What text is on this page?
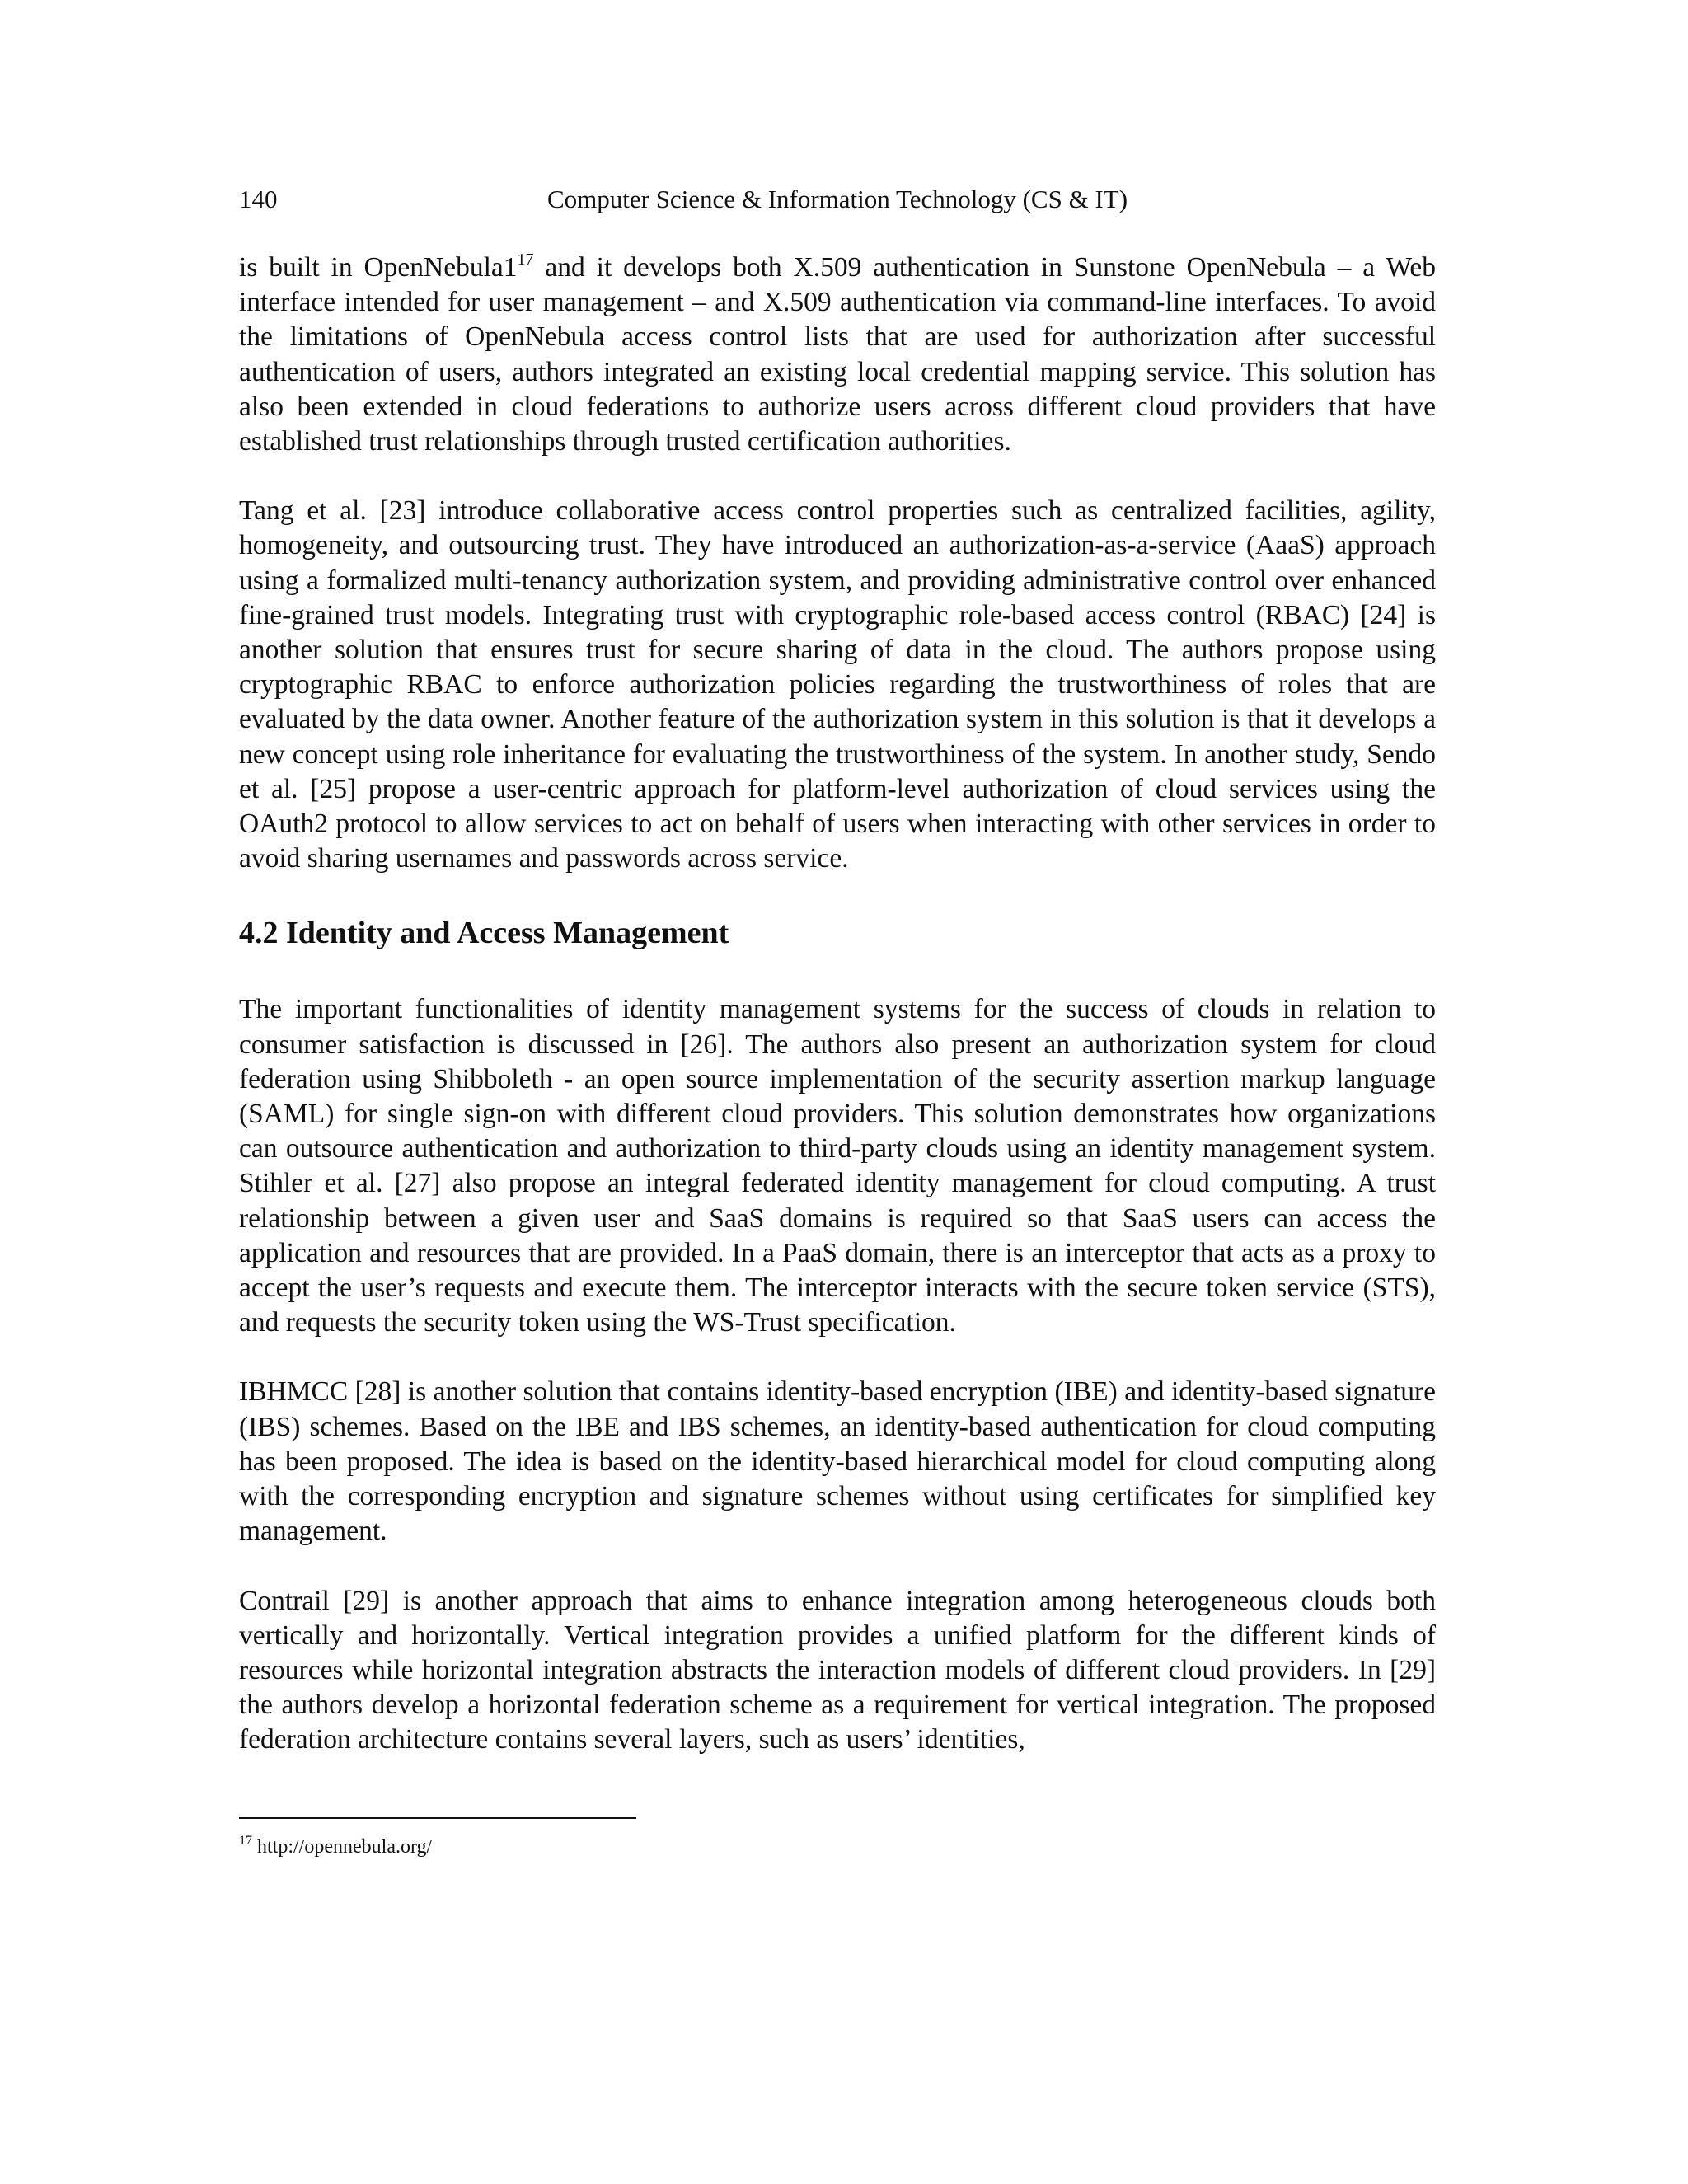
140	Computer Science & Information Technology (CS & IT)

is built in OpenNebula1$^{17}$ and it develops both X.509 authentication in Sunstone OpenNebula – a Web interface intended for user management – and X.509 authentication via command-line interfaces. To avoid the limitations of OpenNebula access control lists that are used for authorization after successful authentication of users, authors integrated an existing local credential mapping service. This solution has also been extended in cloud federations to authorize users across different cloud providers that have established trust relationships through trusted certification authorities.

Tang et al. [23] introduce collaborative access control properties such as centralized facilities, agility, homogeneity, and outsourcing trust. They have introduced an authorization-as-a-service (AaaS) approach using a formalized multi-tenancy authorization system, and providing administrative control over enhanced fine-grained trust models. Integrating trust with cryptographic role-based access control (RBAC) [24] is another solution that ensures trust for secure sharing of data in the cloud. The authors propose using cryptographic RBAC to enforce authorization policies regarding the trustworthiness of roles that are evaluated by the data owner. Another feature of the authorization system in this solution is that it develops a new concept using role inheritance for evaluating the trustworthiness of the system. In another study, Sendo et al. [25] propose a user-centric approach for platform-level authorization of cloud services using the OAuth2 protocol to allow services to act on behalf of users when interacting with other services in order to avoid sharing usernames and passwords across service.

4.2 Identity and Access Management

The important functionalities of identity management systems for the success of clouds in relation to consumer satisfaction is discussed in [26]. The authors also present an authorization system for cloud federation using Shibboleth - an open source implementation of the security assertion markup language (SAML) for single sign-on with different cloud providers. This solution demonstrates how organizations can outsource authentication and authorization to third-party clouds using an identity management system. Stihler et al. [27] also propose an integral federated identity management for cloud computing. A trust relationship between a given user and SaaS domains is required so that SaaS users can access the application and resources that are provided. In a PaaS domain, there is an interceptor that acts as a proxy to accept the user’s requests and execute them. The interceptor interacts with the secure token service (STS), and requests the security token using the WS-Trust specification.

IBHMCC [28] is another solution that contains identity-based encryption (IBE) and identity-based signature (IBS) schemes. Based on the IBE and IBS schemes, an identity-based authentication for cloud computing has been proposed. The idea is based on the identity-based hierarchical model for cloud computing along with the corresponding encryption and signature schemes without using certificates for simplified key management.

Contrail [29] is another approach that aims to enhance integration among heterogeneous clouds both vertically and horizontally. Vertical integration provides a unified platform for the different kinds of resources while horizontal integration abstracts the interaction models of different cloud providers. In [29] the authors develop a horizontal federation scheme as a requirement for vertical integration. The proposed federation architecture contains several layers, such as users’ identities,

$^{17}$ http://opennebula.org/
